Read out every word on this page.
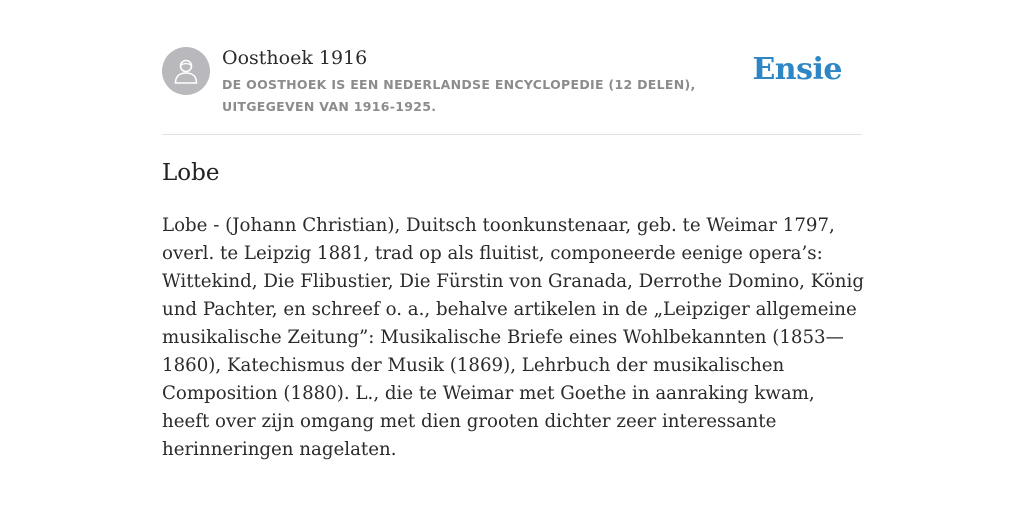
Oosthoek 1916
DE OOSTHOEK IS EEN NEDERLANDSE ENCYCLOPEDIE (12 DELEN), UITGEGEVEN VAN 1916-1925.
Ensie
Lobe

Lobe - (Johann Christian), Duitsch toonkunstenaar, geb. te Weimar 1797, overl. te Leipzig 1881, trad op als fluitist, componeerde eenige opera’s: Wittekind, Die Flibustier, Die Fürstin von Granada, Derrothe Domino, König und Pachter, en schreef o. a., behalve artikelen in de „Leipziger allgemeine musikalische Zeitung”: Musikalische Briefe eines Wohlbekannten (1853—1860), Katechismus der Musik (1869), Lehrbuch der musikalischen Composition (1880). L., die te Weimar met Goethe in aanraking kwam, heeft over zijn omgang met dien grooten dichter zeer interessante herinneringen nagelaten.
